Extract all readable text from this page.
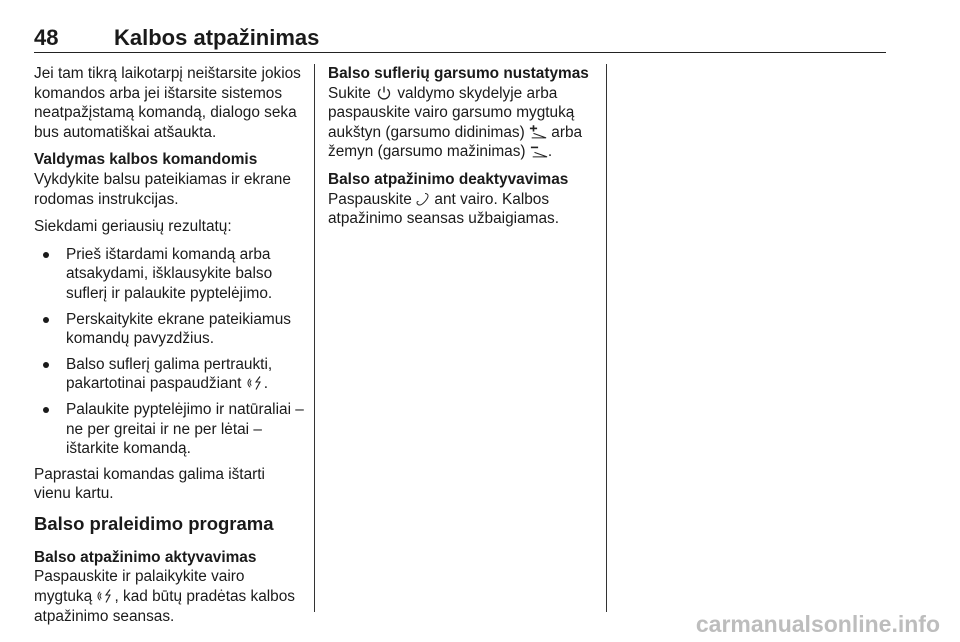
48	Kalbos atpažinimas

Jei tam tikrą laikotarpį neištarsite jokios komandos arba jei ištarsite sistemos neatpažįstamą komandą, dialogo seka bus automatiškai atšaukta.

Valdymas kalbos komandomis

Vykdykite balsu pateikiamas ir ekrane rodomas instrukcijas.

Siekdami geriausių rezultatų:

Prieš ištardami komandą arba atsakydami, išklausykite balso suflerį ir palaukite pyptelėjimo.
Perskaitykite ekrane pateikiamus komandų pavyzdžius.
Balso suflerį galima pertraukti, pakartotinai paspaudžiant .
Palaukite pyptelėjimo ir natūraliai – ne per greitai ir ne per lėtai – ištarkite komandą.

Paprastai komandas galima ištarti vienu kartu.

Balso praleidimo programa
Balso atpažinimo aktyvavimas

Paspauskite ir palaikykite vairo mygtuką , kad būtų pradėtas kalbos atpažinimo seansas.

Balso suflerių garsumo nustatymas

Sukite valdymo skydelyje arba paspauskite vairo garsumo mygtuką aukštyn (garsumo didinimas) arba žemyn (garsumo mažinimas) .

Balso atpažinimo deaktyvavimas

Paspauskite ant vairo. Kalbos atpažinimo seansas užbaigiamas.

carmanualsonline.info
